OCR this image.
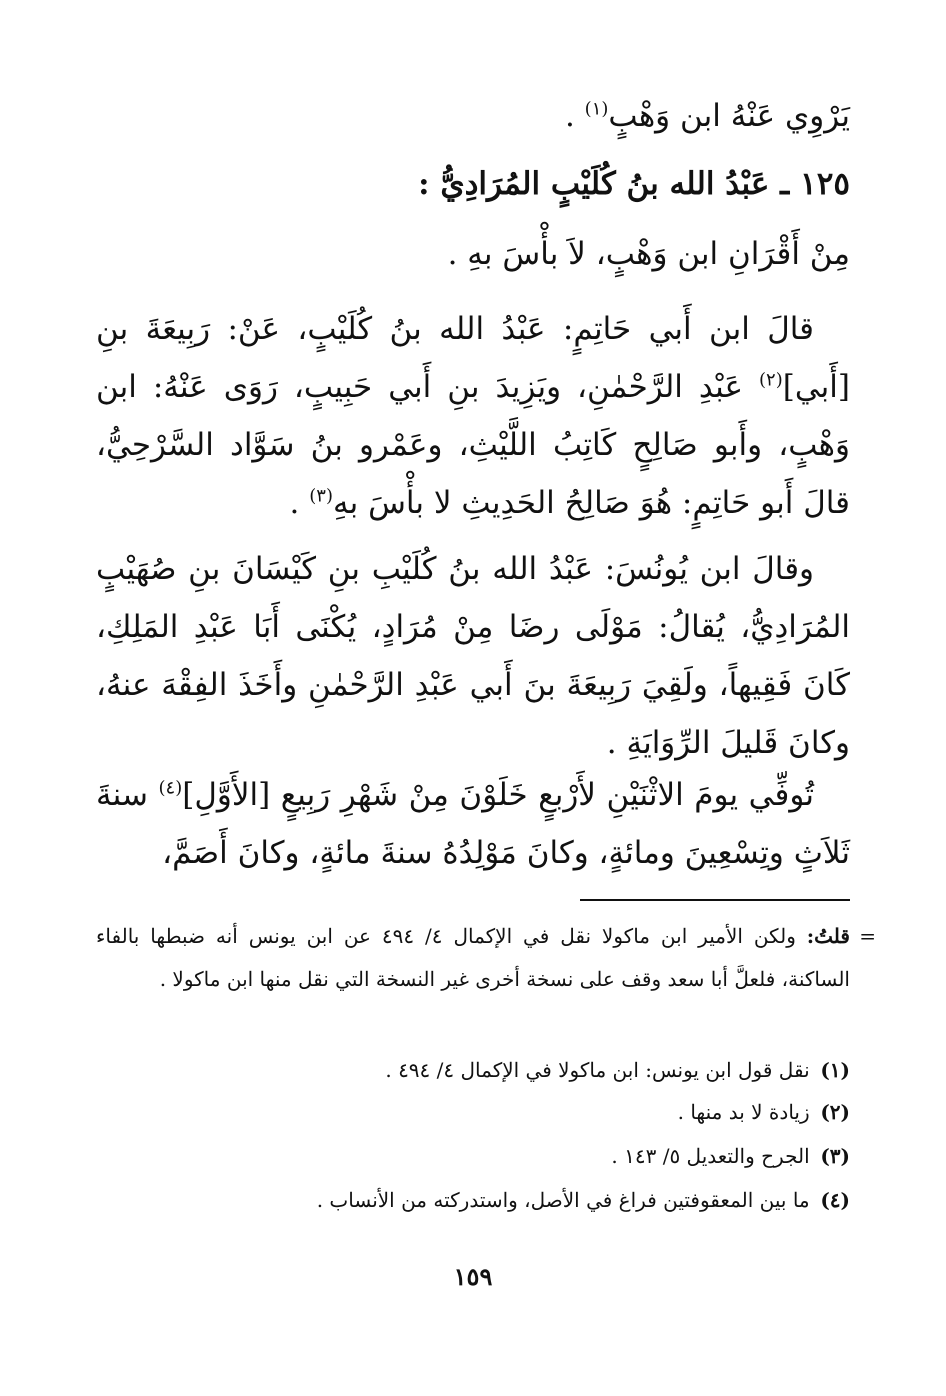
يَرْوِي عَنْهُ ابن وَهْبٍ$^{(١)}$ .
١٢٥ ـ عَبْدُ الله بنُ كُلَيْبٍ المُرَادِيُّ :
مِنْ أَقْرَانِ ابن وَهْبٍ، لاَ بأْسَ بهِ .
قالَ ابن أَبي حَاتِمٍ: عَبْدُ الله بنُ كُلَيْبٍ، عَنْ: رَبِيعَةَ بنِ [أَبي]$^{(٢)}$ عَبْدِ الرَّحْمٰنِ، ويَزِيدَ بنِ أَبي حَبِيبٍ، رَوَى عَنْهُ: ابن وَهْبٍ، وأَبو صَالِحٍ كَاتِبُ اللَّيْثِ، وعَمْرو بنُ سَوَّاد السَّرْحِيُّ، قالَ أَبو حَاتِمٍ: هُوَ صَالِحُ الحَدِيثِ لا بأْسَ بهِ$^{(٣)}$ .
وقالَ ابن يُونُسَ: عَبْدُ الله بنُ كُلَيْبِ بنِ كَيْسَانَ بنِ صُهَيْبٍ المُرَادِيُّ، يُقالُ: مَوْلَى رضَا مِنْ مُرَادٍ، يُكْنَى أَبَا عَبْدِ المَلِكِ، كَانَ فَقِيهاً، ولَقِيَ رَبِيعَةَ بنَ أَبي عَبْدِ الرَّحْمٰنِ وأَخَذَ الفِقْهَ عنهُ، وكانَ قَليلَ الرِّوَايَةِ .
تُوفِّي يومَ الاثْنَيْنِ لأَرْبعٍ خَلَوْنَ مِنْ شَهْرِ رَبِيعٍ [الأَوَّلِ]$^{(٤)}$ سنةَ ثَلاَثٍ وتِسْعِينَ ومائةٍ، وكانَ مَوْلِدُهُ سنةَ مائةٍ، وكانَ أَصَمَّ،
=
قلتُ: ولكن الأمير ابن ماكولا نقل في الإكمال ٤/ ٤٩٤ عن ابن يونس أنه ضبطها بالفاء الساكنة، فلعلَّ أبا سعد وقف على نسخة أخرى غير النسخة التي نقل منها ابن ماكولا .
(١) نقل قول ابن يونس: ابن ماكولا في الإكمال ٤/ ٤٩٤ .
(٢) زيادة لا بد منها .
(٣) الجرح والتعديل ٥/ ١٤٣ .
(٤) ما بين المعقوفتين فراغ في الأصل، واستدركته من الأنساب .
١٥٩
